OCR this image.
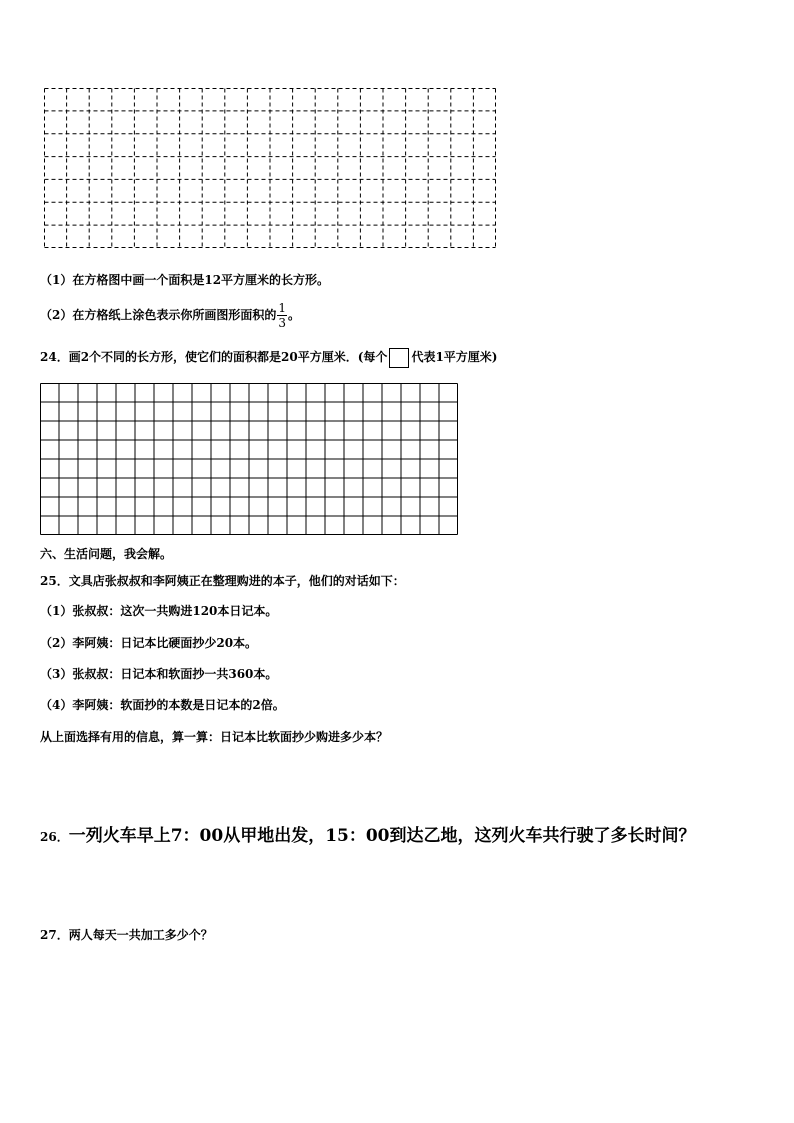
（1）在方格图中画一个面积是12平方厘米的长方形。
（2）在方格纸上涂色表示你所画图形面积的 $\frac{1}{3}$ 。
24．画2个不同的长方形，使它们的面积都是20平方厘米．(每个 代表1平方厘米)
六、生活问题，我会解。
25．文具店张叔叔和李阿姨正在整理购进的本子，他们的对话如下：
（1）张叔叔：这次一共购进120本日记本。
（2）李阿姨：日记本比硬面抄少20本。
（3）张叔叔：日记本和软面抄一共360本。
（4）李阿姨：软面抄的本数是日记本的2倍。
从上面选择有用的信息，算一算：日记本比软面抄少购进多少本？
26．一列火车早上7：00从甲地出发，15：00到达乙地，这列火车共行驶了多长时间？
27．两人每天一共加工多少个？
